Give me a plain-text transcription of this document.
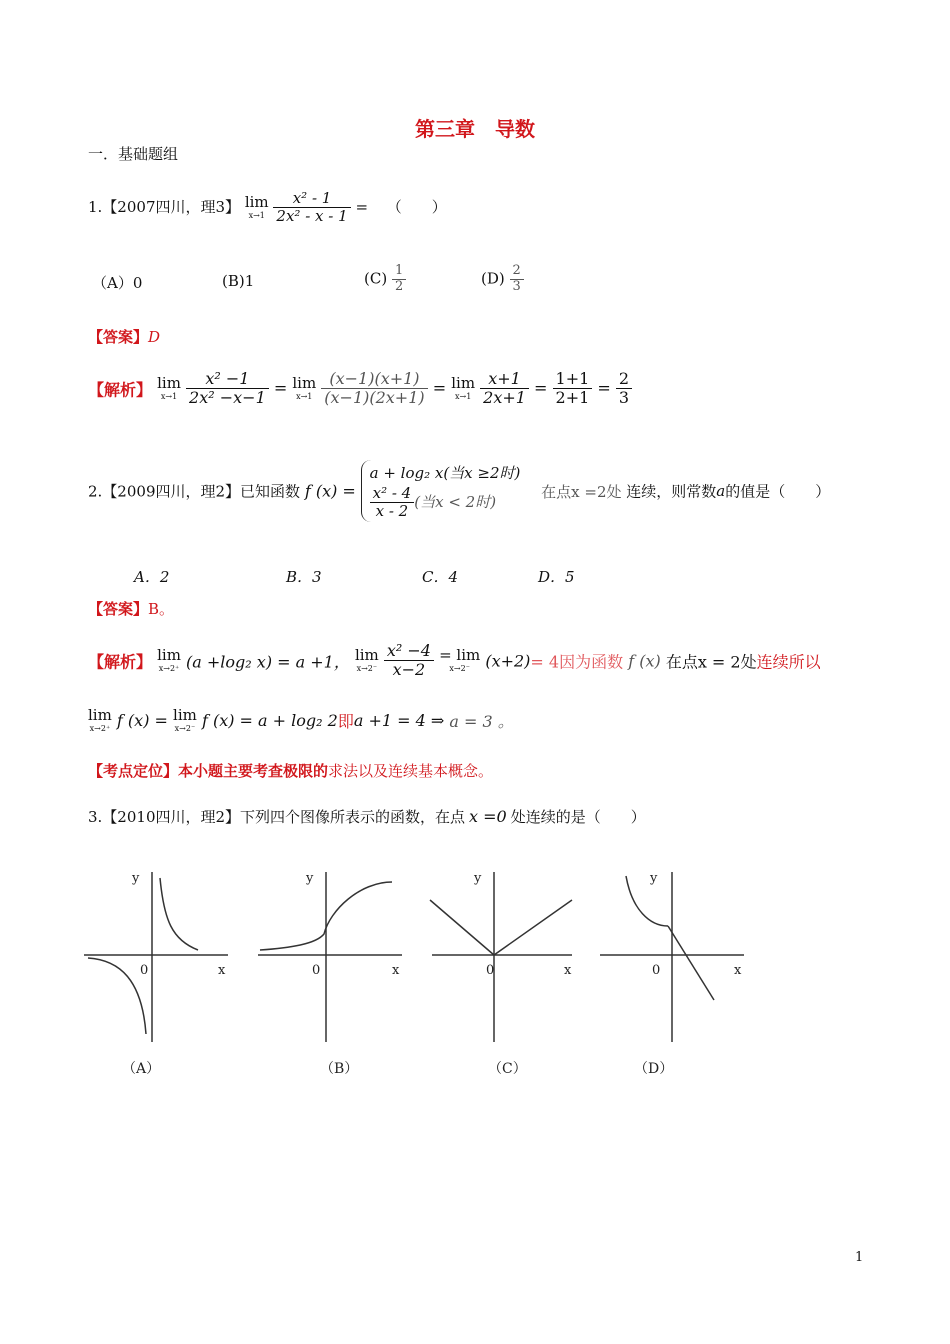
第三章　导数
一．基础题组
1.【2007四川，理3】 lim
x→1
$\frac{\text{x² - 1}}{\text{2x² - x - 1}}$ = （　　）
（A）0	(B)1	$(C) \frac{1}{2}$	$(D) \frac{2}{3}$
【答案】D
【解析】 lim
x→1
$\frac{\text{x² −1}}{\text{2x² −x−1}} = \lim$
x→1
$\frac{(x-1)(x+1)}{(x-1)(2x+1)} = \lim$
x→1
$\frac{x+1}{2x+1} = \frac{1+1}{2+1} = \frac{2}{3}$
2.【2009四川，理2】已知函数 f (x) =
a + log₂ x(当x ≥2时)
$\frac{\text{x² - 4}}{x - 2}$ (当x < 2时)
在点x =2处 连续，则常数a的值是（　　）
A．2	B．3	C．4	D．5
【答案】B。
【解析】 lim
x→2⁺ (a +log₂ x) = a +1， lim
x→2⁻
$\frac{\text{x² −4}}{x-2}$
= lim
x→2⁻ (x+2)= 4因为函数 f (x) 在点x = 2处连续所以
lim
x→2⁺ f (x) = lim
x→2⁻ f (x) = a + log₂ 2即a +1 = 4 ⇒ a = 3 。
【考点定位】本小题主要考查极限的求法以及连续基本概念。
3.【2010四川，理2】下列四个图像所表示的函数，在点 x =0 处连续的是（　　）
y
x
0
（A）
y
x
0
（B）
y
x
0
（C）
y
x
0
（D）
1
